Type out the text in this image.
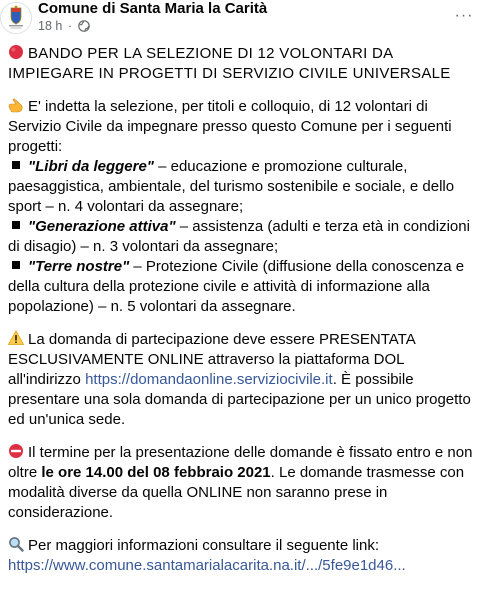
Comune di Santa Maria la Carità
18 h ·
···
BANDO PER LA SELEZIONE DI 12 VOLONTARI DA IMPIEGARE IN PROGETTI DI SERVIZIO CIVILE UNIVERSALE
E' indetta la selezione, per titoli e colloquio, di 12 volontari di Servizio Civile da impegnare presso questo Comune per i seguenti progetti:
"Libri da leggere" – educazione e promozione culturale, paesaggistica, ambientale, del turismo sostenibile e sociale, e dello sport – n. 4 volontari da assegnare;
"Generazione attiva" – assistenza (adulti e terza età in condizioni di disagio) – n. 3 volontari da assegnare;
"Terre nostre" – Protezione Civile (diffusione della conoscenza e della cultura della protezione civile e attività di informazione alla popolazione) – n. 5 volontari da assegnare.
La domanda di partecipazione deve essere PRESENTATA ESCLUSIVAMENTE ONLINE attraverso la piattaforma DOL all'indirizzo https://domandaonline.serviziocivile.it. È possibile presentare una sola domanda di partecipazione per un unico progetto ed un'unica sede.
Il termine per la presentazione delle domande è fissato entro e non oltre le ore 14.00 del 08 febbraio 2021. Le domande trasmesse con modalità diverse da quella ONLINE non saranno prese in considerazione.
Per maggiori informazioni consultare il seguente link:
https://www.comune.santamarialacarita.na.it/.../5fe9e1d46...
